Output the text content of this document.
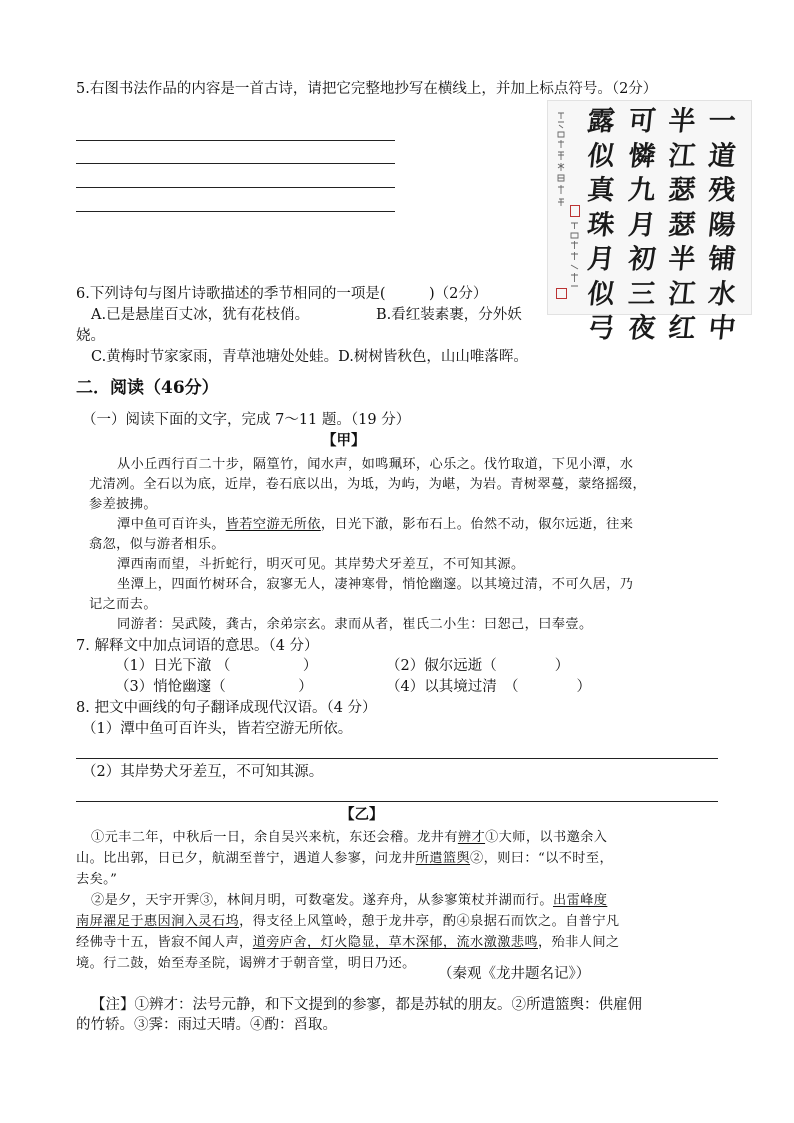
5.右图书法作品的内容是一首古诗，请把它完整地抄写在横线上，并加上标点符号。（2分）
一
道
残
陽
铺
水
中
半
江
瑟
瑟
半
江
红
可
憐
九
月
初
三
夜
露
似
真
珠
月
似
弓
6.下列诗句与图片诗歌描述的季节相同的一项是(　　　)（2分）
A.已是悬崖百丈冰，犹有花枝俏。	B.看红装素裹，分外妖
娆。
C.黄梅时节家家雨，青草池塘处处蛙。D.树树皆秋色，山山唯落晖。
二．阅读（46分）
（一）阅读下面的文字，完成 7～11 题。（19 分）
【甲】
从小丘西行百二十步，隔篁竹，闻水声，如鸣珮环，心乐之。伐竹取道，下见小潭，水
尤清冽。全石以为底，近岸，卷石底以出，为坻，为屿，为嵁，为岩。青树翠蔓，蒙络摇缀，
参差披拂。
潭中鱼可百许头，皆若空游无所依，日光下澈，影布石上。佁然不动，俶尔远逝，往来
翕忽，似与游者相乐。
潭西南而望，斗折蛇行，明灭可见。其岸势犬牙差互，不可知其源。
坐潭上，四面竹树环合，寂寥无人，凄神寒骨，悄怆幽邃。以其境过清，不可久居，乃
记之而去。
同游者：吴武陵，龚古，余弟宗玄。隶而从者，崔氏二小生：曰恕己，曰奉壹。
7. 解释文中加点词语的意思。（4 分）
（1）日光下澈 （　　　　　）	（2）俶尔远逝（　　　　）
（3）悄怆幽邃（　　　　　）	（4）以其境过清　（　　　　）
8. 把文中画线的句子翻译成现代汉语。（4 分）
（1）潭中鱼可百许头，皆若空游无所依。
（2）其岸势犬牙差互，不可知其源。
【乙】
①元丰二年，中秋后一日，余自吴兴来杭，东还会稽。龙井有辨才①大师，以书邀余入
山。比出郭，日已夕，航湖至普宁，遇道人参寥，问龙井所遣篮舆②，则曰：“以不时至，
去矣。”
②是夕，天宇开霁③，林间月明，可数毫发。遂弃舟，从参寥策杖并湖而行。出雷峰度
南屏濯足于惠因涧入灵石坞，得支径上风篁岭，憩于龙井亭，酌④泉据石而饮之。自普宁凡
经佛寺十五，皆寂不闻人声，道旁庐舍，灯火隐显，草木深郁，流水激激悲鸣，殆非人间之
境。行二鼓，始至寿圣院，谒辨才于朝音堂，明日乃还。
（秦观《龙井题名记》）
【注】①辨才：法号元静，和下文提到的参寥，都是苏轼的朋友。②所遣篮舆：供雇佣
的竹轿。③霁：雨过天晴。④酌：舀取。
